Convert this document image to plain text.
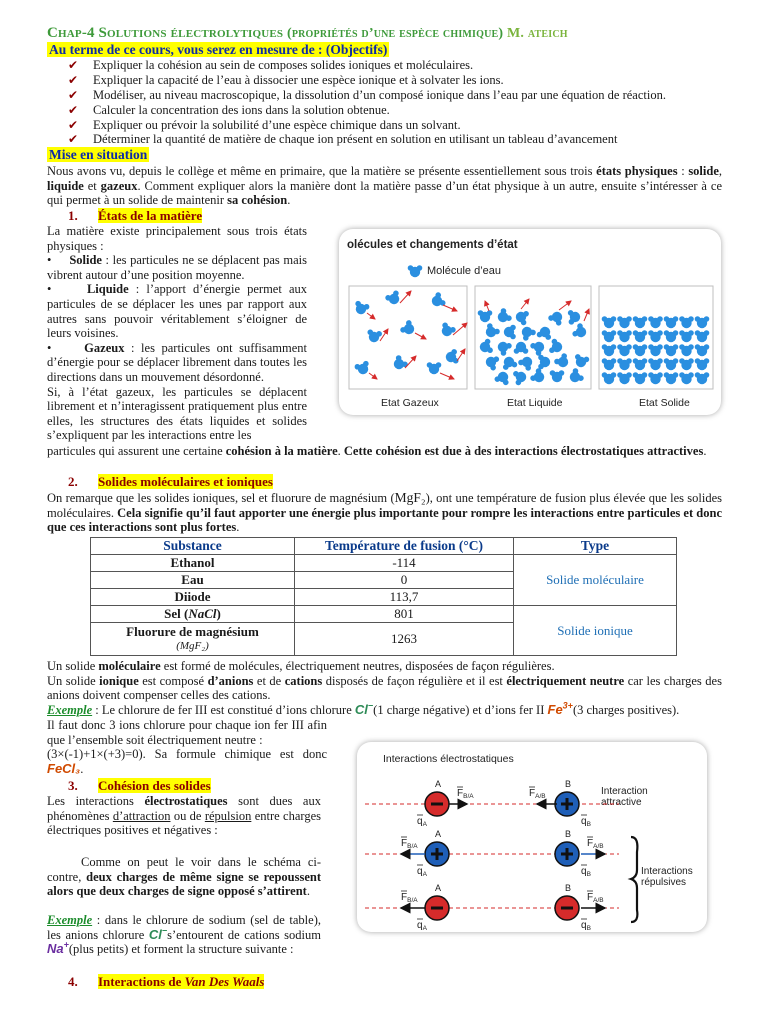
Chap-4 Solutions électrolytiques (propriétés d’une espèce chimique) M. ateich
Au terme de ce cours, vous serez en mesure de : (Objectifs)
✔	Expliquer la cohésion au sein de composes solides ioniques et moléculaires.
✔	Expliquer la capacité de l’eau à dissocier une espèce ionique et à solvater les ions.
✔	Modéliser, au niveau macroscopique, la dissolution d’un composé ionique dans l’eau par une équation de réaction.
✔	Calculer la concentration des ions dans la solution obtenue.
✔	Expliquer ou prévoir la solubilité d’une espèce chimique dans un solvant.
✔	Déterminer la quantité de matière de chaque ion présent en solution en utilisant un tableau d’avancement
Mise en situation
Nous avons vu, depuis le collège et même en primaire, que la matière se présente essentiellement sous trois états physiques : solide, liquide et gazeux. Comment expliquer alors la manière dont la matière passe d’un état physique à un autre, ensuite s’intéresser à ce qui permet à un solide de maintenir sa cohésion.
1. États de la matière
La matière existe principalement sous trois états physiques :
•     Solide : les particules ne se déplacent pas mais vibrent autour d’une position moyenne.
•     Liquide : l’apport d’énergie permet aux particules de se déplacer les unes par rapport aux autres sans pouvoir véritablement s’éloigner de leurs voisines.
•     Gazeux : les particules ont suffisamment d’énergie pour se déplacer librement dans toutes les directions dans un mouvement désordonné.
Si, à l’état gazeux, les particules se déplacent librement et n’interagissent pratiquement plus entre elles, les structures des états liquides et solides s’expliquent par les interactions entre les
particules qui assurent une certaine cohésion à la matière. Cette cohésion est due à des interactions électrostatiques attractives.
olécules et changements d’état
Molécule d’eau
Etat Gazeux	Etat Liquide	Etat Solide
2. Solides moléculaires et ioniques
On remarque que les solides ioniques, sel et fluorure de magnésium (MgF₂), ont une température de fusion plus élevée que les solides moléculaires. Cela signifie qu’il faut apporter une énergie plus importante pour rompre les interactions entre particules et donc que ces interactions sont plus fortes.
Substance	Température de fusion (°C)	Type
Ethanol	-114	Solide moléculaire
Eau	0	
Diiode	113,7	
Sel (NaCl)	801	Solide ionique

Fluorure de magnésium
(MgF₂)	1263	
Un solide moléculaire est formé de molécules, électriquement neutres, disposées de façon régulières.
Un solide ionique est composé d’anions et de cations disposés de façon régulière et il est électriquement neutre car les charges des anions doivent compenser celles des cations.
Exemple : Le chlorure de fer III est constitué d’ions chlorure Cl−(1 charge négative) et d’ions fer II $Fe^{3+}(3$ charges positives).
Il faut donc 3 ions chlorure pour chaque ion fer III afin que l’ensemble soit électriquement neutre :
(3×(-1)+1×(+3)=0). Sa formule chimique est donc FeCl₃.
3. Cohésion des solides
Les interactions électrostatiques sont dues aux phénomènes d’attraction ou de répulsion entre charges électriques positives et négatives :
Comme on peut le voir dans le schéma ci-contre, deux charges de même signe se repoussent alors que deux charges de signe opposé s’attirent.
Exemple : dans le chlorure de sodium (sel de table), les anions chlorure Cl−s’entourent de cations sodium Na+(plus petits) et forment la structure suivante :
Interactions électrostatiques
Interaction
attractive
Interactions
répulsives
A	B
$q_A$	$q_B$
$F_{B/A}$	$F_{A/B}$
A	B
$q_A$	$q_B$
$F_{B/A}$	$F_{A/B}$
A	B
$q_A$	$q_B$
$F_{B/A}$	$F_{A/B}$
4. Interactions de Van Des Waals
